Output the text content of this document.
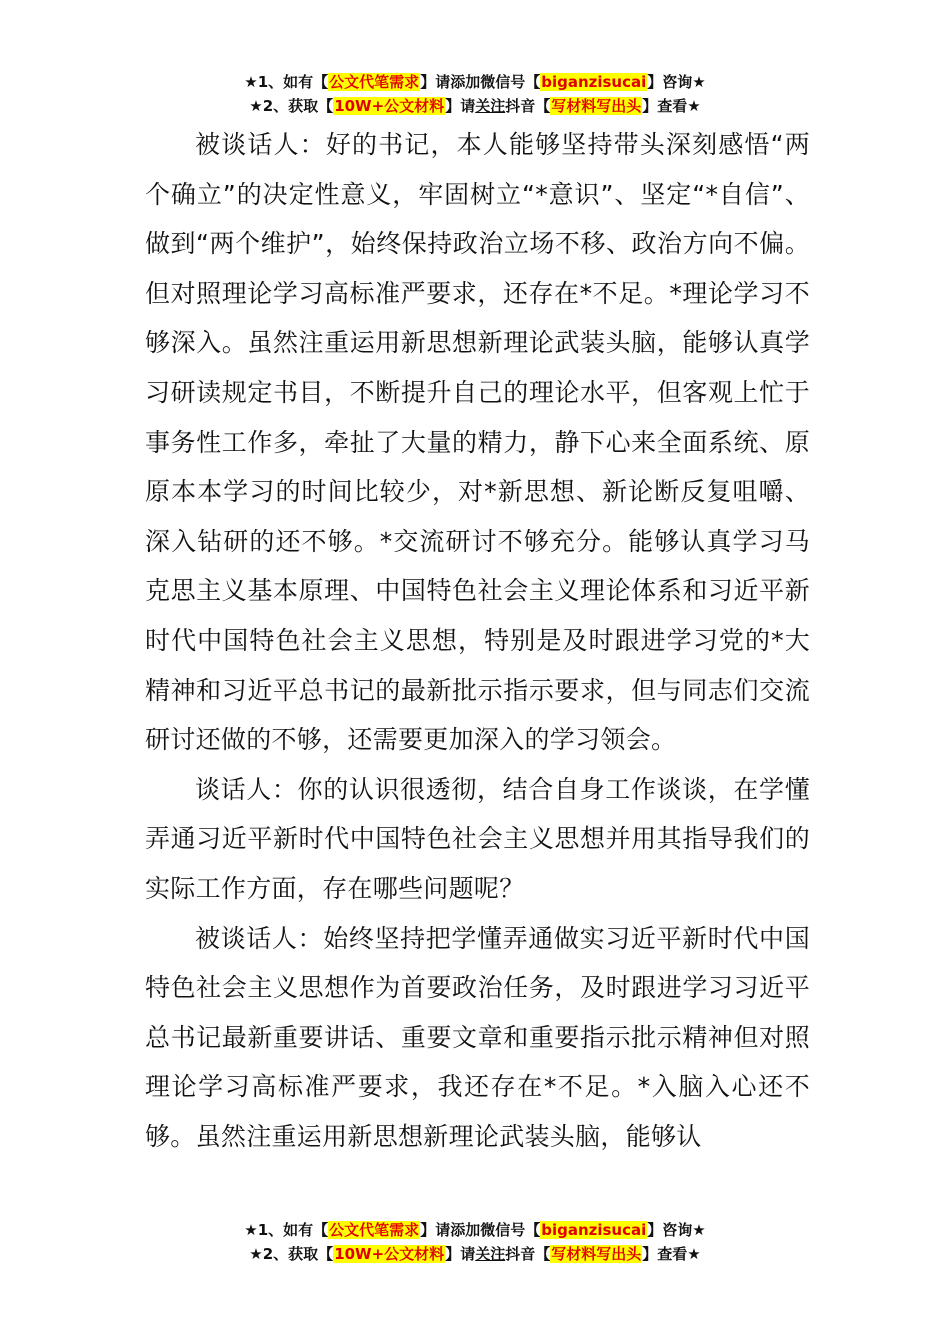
★1、如有【公文代笔需求】请添加微信号【biganzisucai】咨询★
★2、获取【10W+公文材料】请关注抖音【写材料写出头】查看★

被谈话人：好的书记，本人能够坚持带头深刻感悟“两个确立”的决定性意义，牢固树立“*意识”、坚定“*自信”、做到“两个维护”，始终保持政治立场不移、政治方向不偏。但对照理论学习高标准严要求，还存在*不足。*理论学习不够深入。虽然注重运用新思想新理论武装头脑，能够认真学习研读规定书目，不断提升自己的理论水平，但客观上忙于事务性工作多，牵扯了大量的精力，静下心来全面系统、原原本本学习的时间比较少，对*新思想、新论断反复咀嚼、深入钻研的还不够。*交流研讨不够充分。能够认真学习马克思主义基本原理、中国特色社会主义理论体系和习近平新时代中国特色社会主义思想，特别是及时跟进学习党的*大精神和习近平总书记的最新批示指示要求，但与同志们交流研讨还做的不够，还需要更加深入的学习领会。

谈话人：你的认识很透彻，结合自身工作谈谈，在学懂弄通习近平新时代中国特色社会主义思想并用其指导我们的实际工作方面，存在哪些问题呢？

被谈话人：始终坚持把学懂弄通做实习近平新时代中国特色社会主义思想作为首要政治任务，及时跟进学习习近平总书记最新重要讲话、重要文章和重要指示批示精神但对照理论学习高标准严要求，我还存在*不足。*入脑入心还不够。虽然注重运用新思想新理论武装头脑，能够认

★1、如有【公文代笔需求】请添加微信号【biganzisucai】咨询★
★2、获取【10W+公文材料】请关注抖音【写材料写出头】查看★
